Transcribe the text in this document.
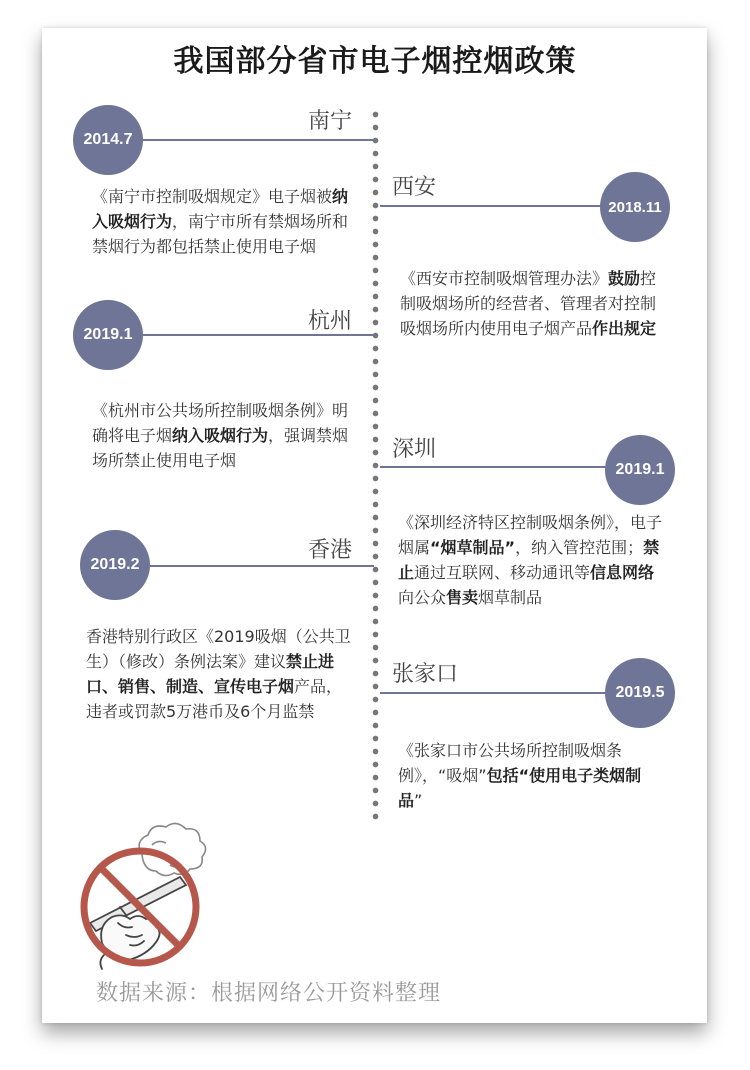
我国部分省市电子烟控烟政策
2014.7
南宁
《南宁市控制吸烟规定》电子烟被纳入吸烟行为，南宁市所有禁烟场所和禁烟行为都包括禁止使用电子烟
2018.11
西安
《西安市控制吸烟管理办法》鼓励控制吸烟场所的经营者、管理者对控制吸烟场所内使用电子烟产品作出规定
2019.1
杭州
《杭州市公共场所控制吸烟条例》明确将电子烟纳入吸烟行为，强调禁烟场所禁止使用电子烟	2019.1
深圳
《深圳经济特区控制吸烟条例》，电子烟属“烟草制品”，纳入管控范围；禁止通过互联网、移动通讯等信息网络向公众售卖烟草制品
2019.2
香港
香港特别行政区《2019吸烟（公共卫生）（修改）条例法案》建议禁止进口、销售、制造、宣传电子烟产品，违者或罚款5万港币及6个月监禁
2019.5
张家口
《张家口市公共场所控制吸烟条例》，“吸烟”包括“使用电子类烟制品”
数据来源：根据网络公开资料整理
